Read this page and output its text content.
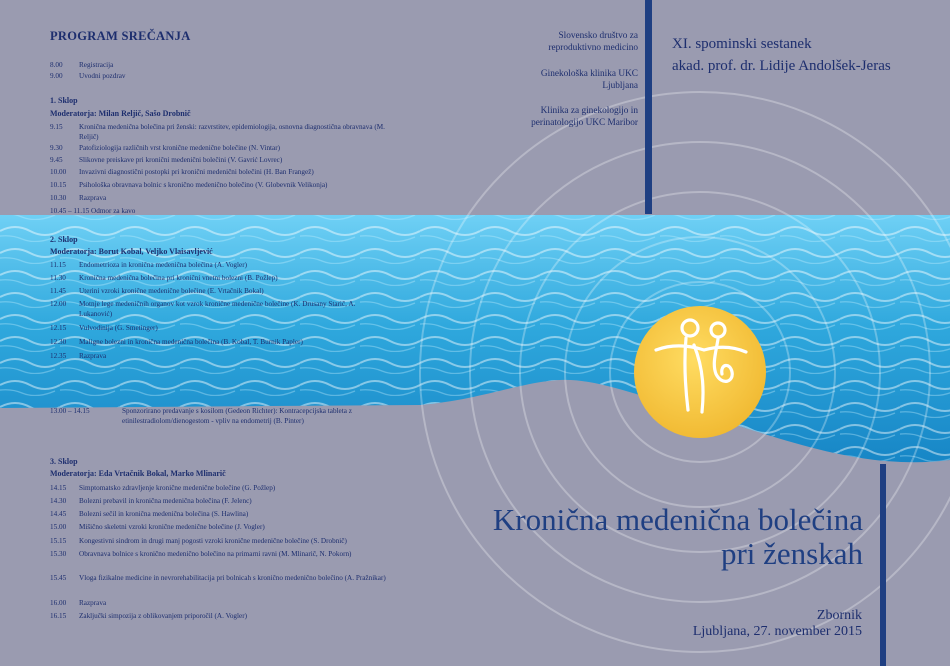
PROGRAM SREČANJA
8.00 Registracija
9.00 Uvodni pozdrav
1. Sklop
Moderatorja: Milan Reljič, Sašo Drobnič
9.15 Kronična medenična bolečina pri ženski: razvrstitev, epidemiologija, osnovna diagnostična obravnava (M. Reljič)
9.30 Patofiziologija različnih vrst kronične medenične bolečine (N. Vintar)
9.45 Slikovne preiskave pri kronični medenični bolečini (V. Gavrić Lovrec)
10.00 Invazivni diagnostični postopki pri kronični medenični bolečini (H. Ban Frangež)
10.15 Psihološka obravnava bolnic s kronično medenično bolečino (V. Globevnik Velikonja)
10.30 Razprava
10.45 – 11.15 Odmor za kavo
2. Sklop
Moderatorja: Borut Kobal, Veljko Vlaisavljević
11.15 Endometrioza in kronična medenična bolečina (A. Vogler)
11.30 Kronična medenična bolečina pri kronični vnetni bolezni (B. Požlep)
11.45 Uterini vzroki kronične medenične bolečine (E. Vrtačnik Bokal)
12.00 Motnje lege medeničnih organov kot vzrok kronične medenične bolečine (K. Drusany Starič, A. Lukanović)
12.15 Vulvodinija (G. Smetinger)
12.30 Maligne bolezni in kronična medenična bolečina (B. Kobal, T. Burnik Papler)
12.35 Razprava
13.00 – 14.15	Sponzorirano predavanje s kosilom (Gedeon Richter): Kontracepcijska tableta z etinilestradiolom/dienogestom - vpliv na endometrij (B. Pinter)
3. Sklop
Moderatorja: Eda Vrtačnik Bokal, Marko Mlinarič
14.15 Simptomatsko zdravljenje kronične medenične bolečine (G. Požlep)
14.30 Bolezni prebavil in kronična medenična bolečina (F. Jelenc)
14.45 Bolezni sečil in kronična medenična bolečina (S. Hawlina)
15.00 Mišično skeletni vzroki kronične medenične bolečine (J. Vogler)
15.15 Kongestivni sindrom in drugi manj pogosti vzroki kronične medenične bolečine (S. Drobnič)
15.30 Obravnava bolnice s kronično medenično bolečino na primarni ravni (M. Mlinarič, N. Pokorn)
15.45 Vloga fizikalne medicine in nevrorehabilitacija pri bolnicah s kronično medenično bolečino (A. Pražnikar)
16.00 Razprava
16.15 Zaključki simpozija z oblikovanjem priporočil (A. Vogler)
Slovensko društvo za reproduktivno medicino
Ginekološka klinika UKC Ljubljana
Klinika za ginekologijo in perinatologijo UKC Maribor
XI. spominski sestanek
akad. prof. dr. Lidije Andolšek-Jeras
Kronična medenična bolečina pri ženskah
Zbornik
Ljubljana, 27. november 2015
